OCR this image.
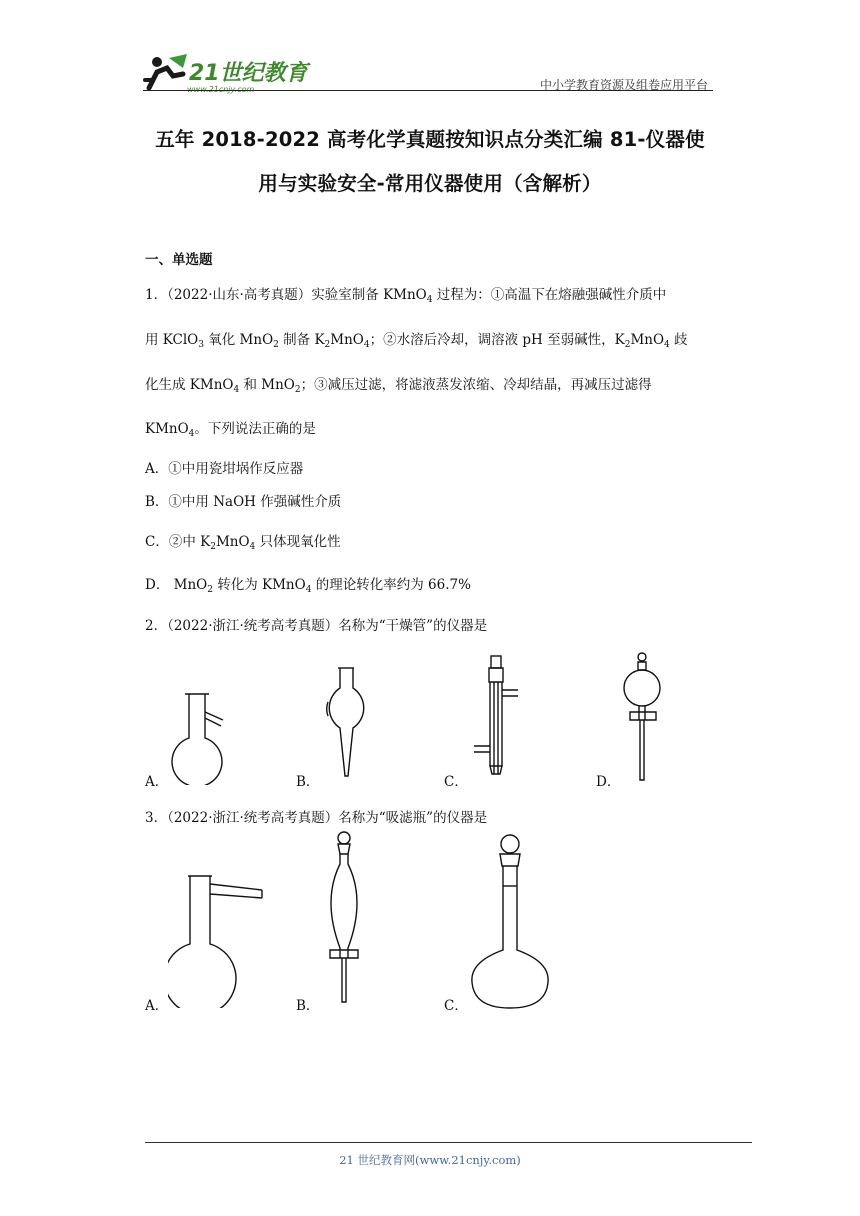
21世纪教育
www.21cnjy.com	中小学教育资源及组卷应用平台
五年 2018-2022 高考化学真题按知识点分类汇编 81-仪器使
用与实验安全-常用仪器使用（含解析）
一、单选题
1．（2022·山东·高考真题）实验室制备 KMnO$_4$ 过程为：①高温下在熔融强碱性介质中
用 KClO$_3$ 氧化 MnO$_2$ 制备 $K_2MnO_4$；②水溶后冷却，调溶液 pH 至弱碱性，$K_2MnO_4$ 歧
化生成 KMnO$_4$ 和 MnO$_2$；③减压过滤，将滤液蒸发浓缩、冷却结晶，再减压过滤得
KMnO$_4$。下列说法正确的是
A．①中用瓷坩埚作反应器
B．①中用 NaOH 作强碱性介质
C．②中 $K_2MnO_4$ 只体现氧化性
D． MnO$_2$ 转化为 KMnO$_4$ 的理论转化率约为 66.7%
2．（2022·浙江·统考高考真题）名称为“干燥管”的仪器是
A．	B．	C．	D．
3．（2022·浙江·统考高考真题）名称为“吸滤瓶”的仪器是
A．	B．	C．
21 世纪教育网(www.21cnjy.com)
